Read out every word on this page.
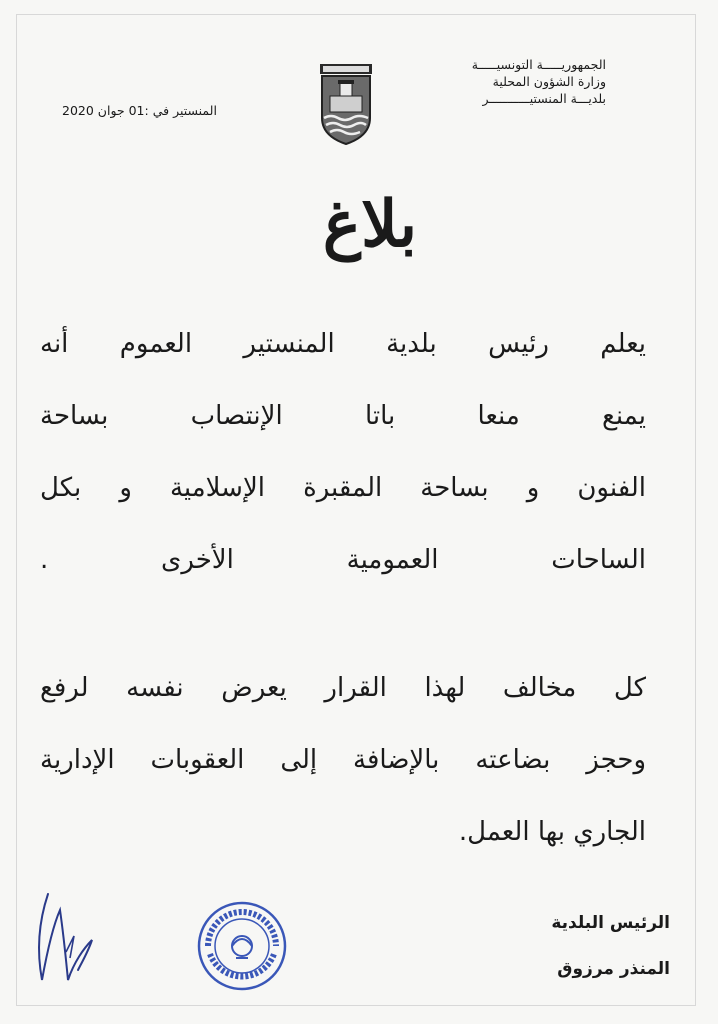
الجمهوريـــــة التونسيـــــة
وزارة الشؤون المحلية
بلديـــة المنستيـــــــــــر
المنستير في :01 جوان 2020
بلاغ
يعلم رئيس بلدية المنستير العموم أنه
يمنع منعا باتا الإنتصاب بساحة
الفنون و بساحة المقبرة الإسلامية و بكل
الساحات العمومية الأخرى .
كل مخالف لهذا القرار يعرض نفسه لرفع
وحجز بضاعته بالإضافة إلى العقوبات الإدارية
الجاري بها العمل.
الرئيس البلدية
المنذر مرزوق
